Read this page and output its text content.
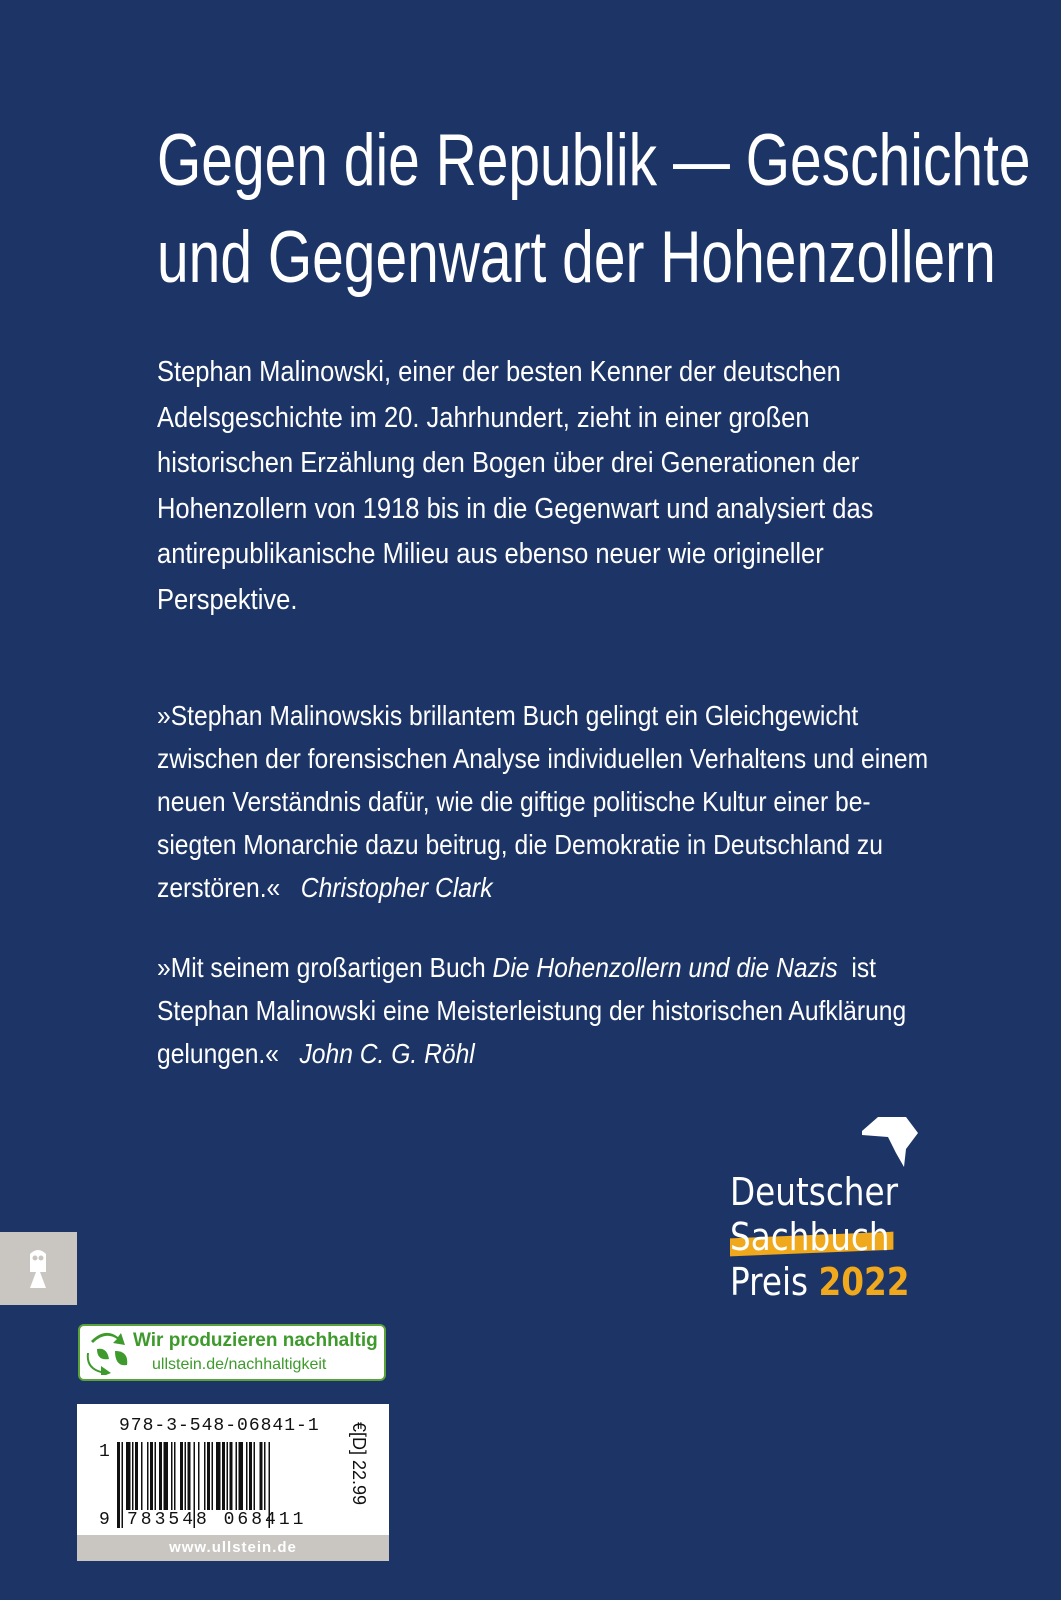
Gegen die Republik — Geschichte
und Gegenwart der Hohenzollern
Stephan Malinowski, einer der besten Kenner der deutschen
Adelsgeschichte im 20. Jahrhundert, zieht in einer großen
historischen Erzählung den Bogen über drei Generationen der
Hohenzollern von 1918 bis in die Gegenwart und analysiert das
antirepublikanische Milieu aus ebenso neuer wie origineller
Perspektive.
»Stephan Malinowskis brillantem Buch gelingt ein Gleichgewicht
zwischen der forensischen Analyse individuellen Verhaltens und einem
neuen Verständnis dafür, wie die giftige politische Kultur einer be-
siegten Monarchie dazu beitrug, die Demokratie in Deutschland zu
zerstören.« Christopher Clark
»Mit seinem großartigen Buch Die Hohenzollern und die Nazis ist
Stephan Malinowski eine Meisterleistung der historischen Aufklärung
gelungen.« John C. G. Röhl
Deutscher
Sachbuch
Preis 2022
Wir produzieren nachhaltig
ullstein.de/nachhaltigkeit
978-3-548-06841-1
1
9 783548 068411
€[D] 22.99
www.ullstein.de
